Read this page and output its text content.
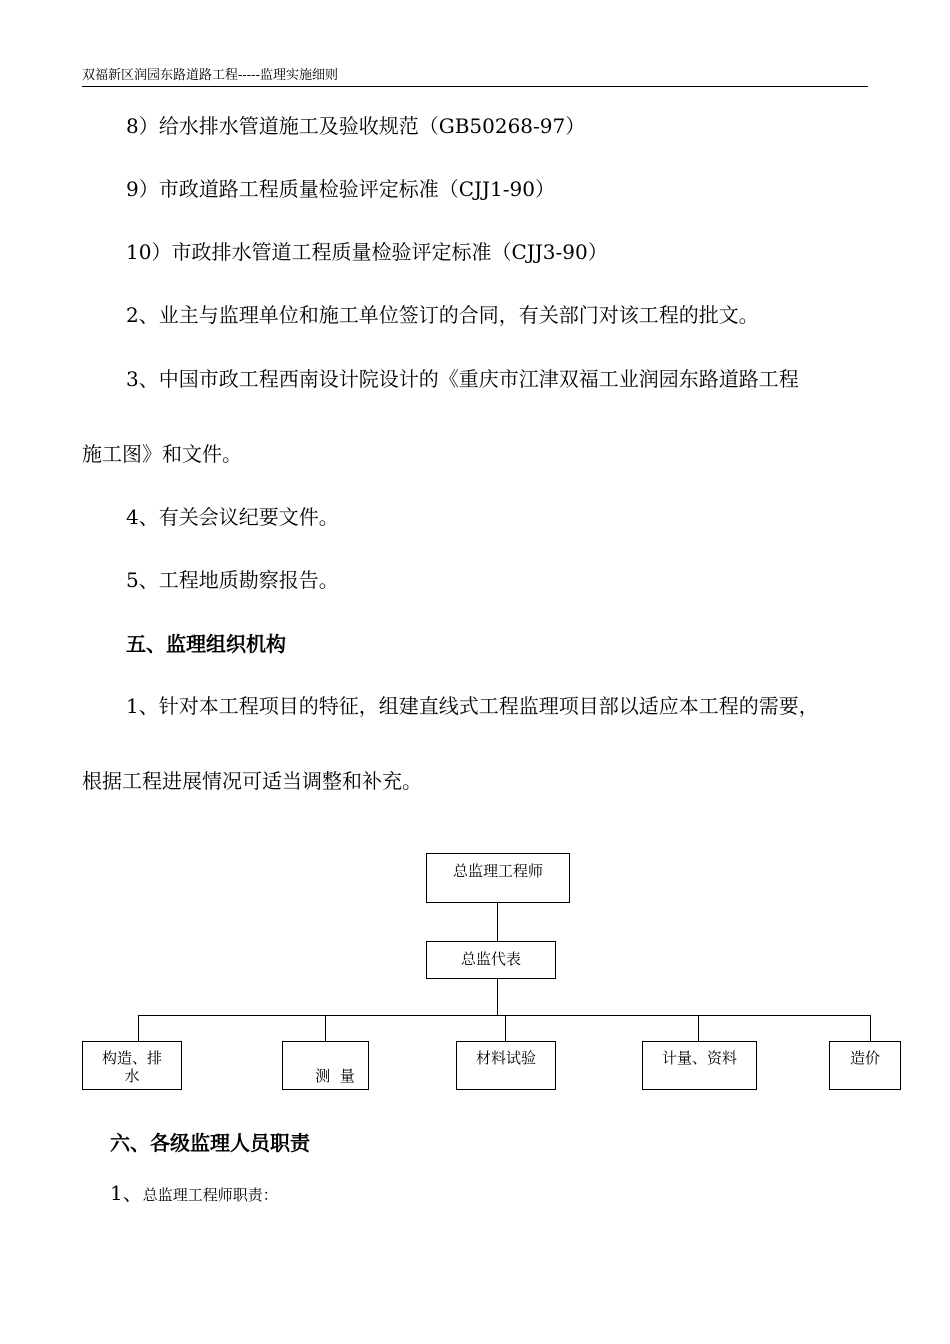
双福新区润园东路道路工程-----监理实施细则
8）给水排水管道施工及验收规范（GB50268-97）
9）市政道路工程质量检验评定标准（CJJ1-90）
10）市政排水管道工程质量检验评定标准（CJJ3-90）
2、业主与监理单位和施工单位签订的合同，有关部门对该工程的批文。
3、中国市政工程西南设计院设计的《重庆市江津双福工业润园东路道路工程
施工图》和文件。
4、有关会议纪要文件。
5、工程地质勘察报告。
五、监理组织机构
1、针对本工程项目的特征，组建直线式工程监理项目部以适应本工程的需要，
根据工程进展情况可适当调整和补充。
总监理工程师
总监代表
构造、排
水	测  量

材料试验	计量、资料	造价
六、各级监理人员职责
1、总监理工程师职责：
